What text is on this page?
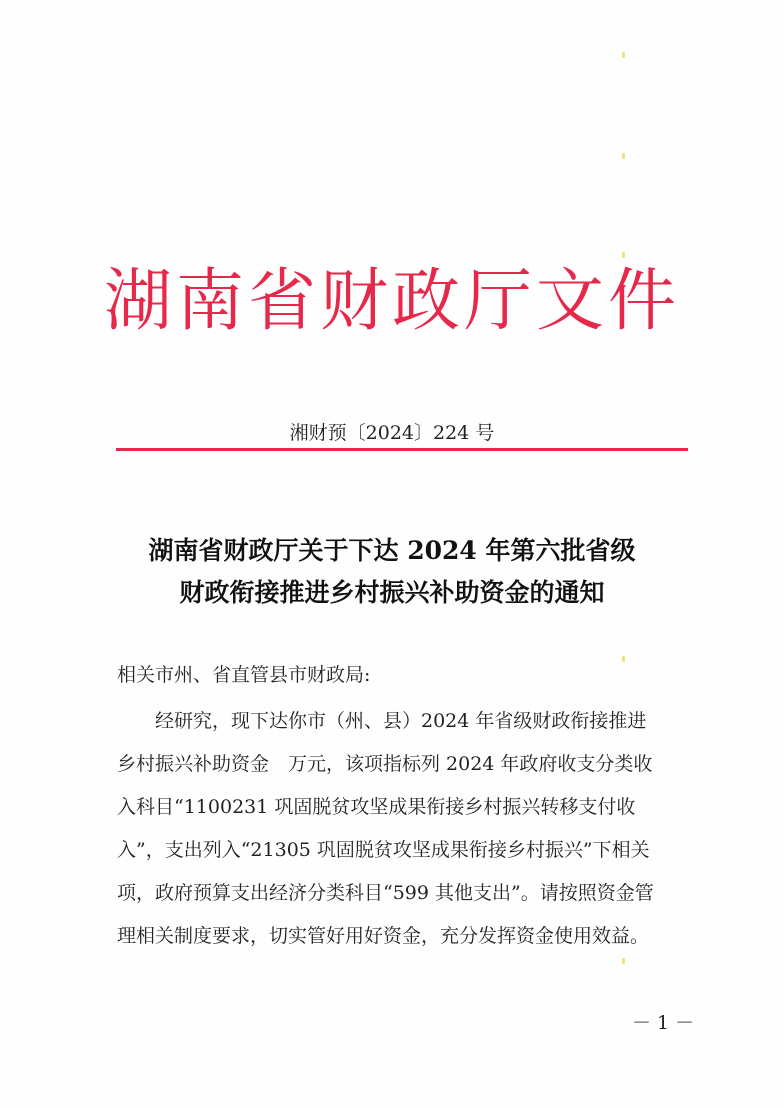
湖南省财政厅文件
湘财预〔2024〕224 号
湖南省财政厅关于下达 2024 年第六批省级
财政衔接推进乡村振兴补助资金的通知
相关市州、省直管县市财政局:
经研究，现下达你市（州、县）2024 年省级财政衔接推进
乡村振兴补助资金　万元，该项指标列 2024 年政府收支分类收
入科目“1100231 巩固脱贫攻坚成果衔接乡村振兴转移支付收
入”，支出列入“21305 巩固脱贫攻坚成果衔接乡村振兴”下相关
项，政府预算支出经济分类科目“599 其他支出”。请按照资金管
理相关制度要求，切实管好用好资金，充分发挥资金使用效益。
－ 1 －
